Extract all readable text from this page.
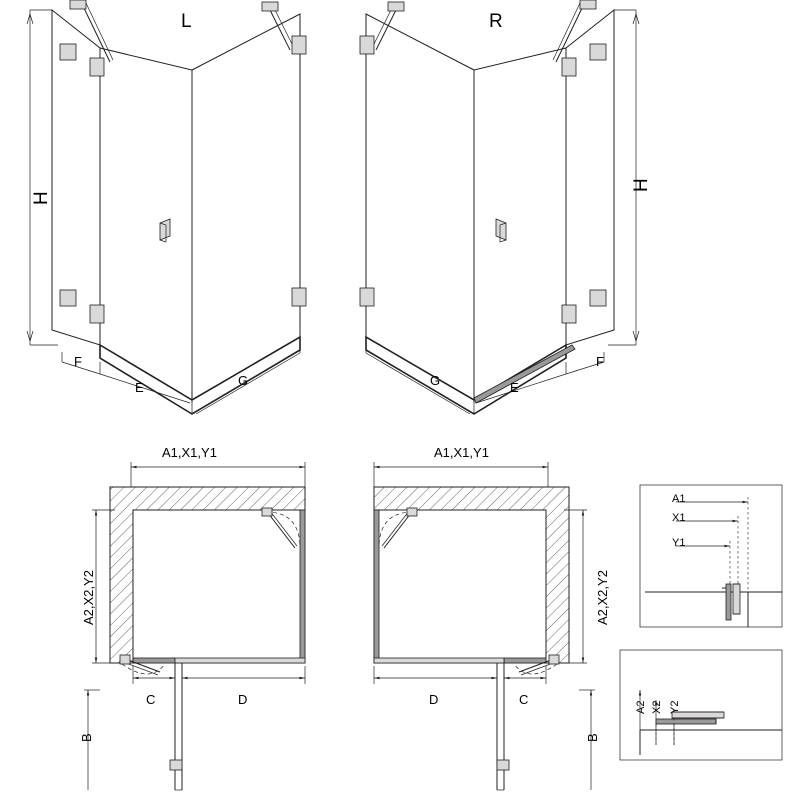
L	R
H
H
F
E	G
F
E
G
A1,X1,Y1	A1,X1,Y1
A2,X2,Y2	A2,X2,Y2
C	D	D	C
B	B
A1
X1
Y1
A2 X2 Y2
